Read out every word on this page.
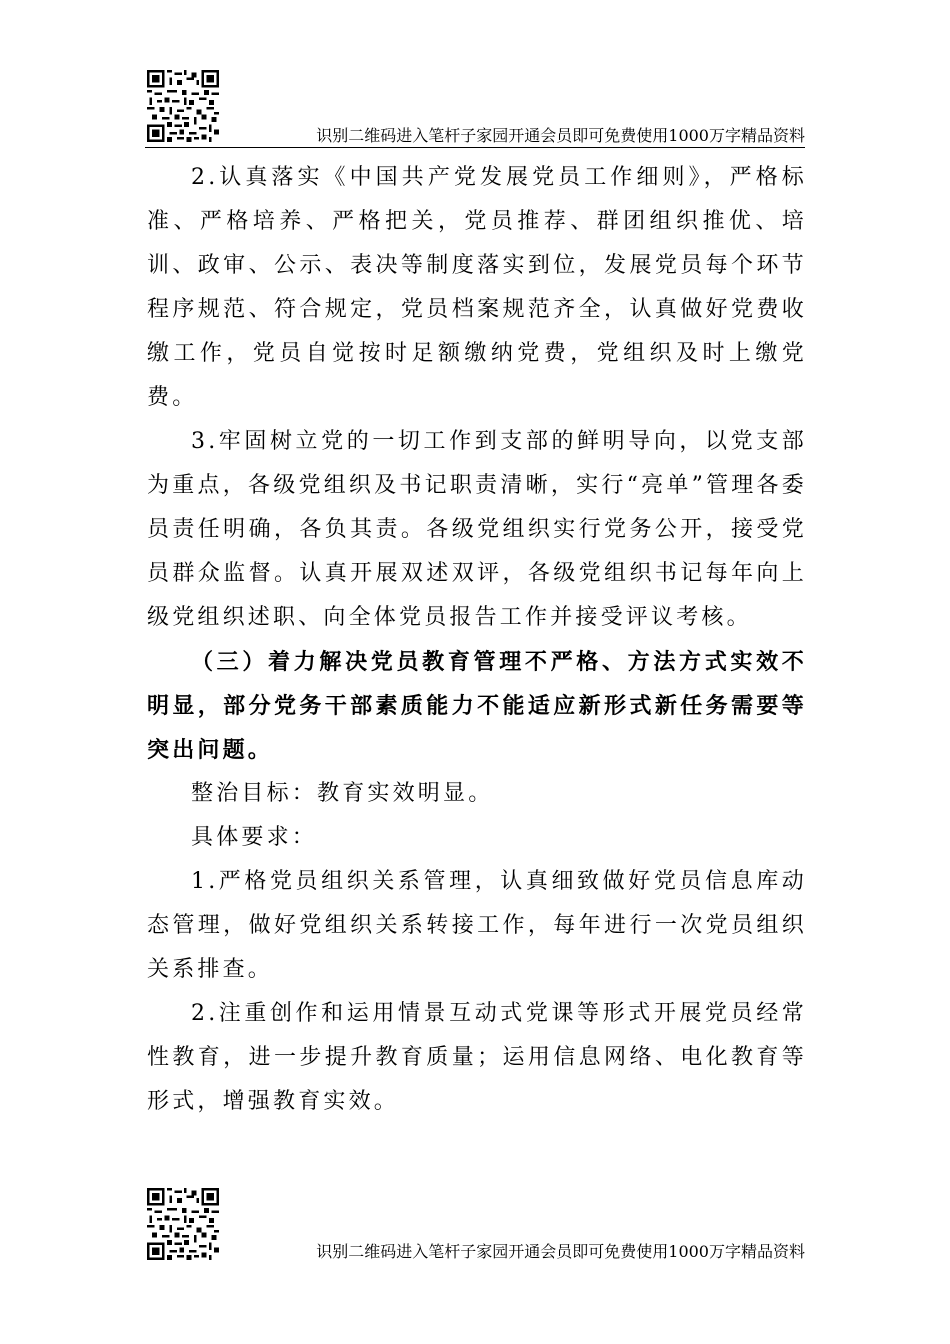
识别二维码进入笔杆子家园开通会员即可免费使用1000万字精品资料

2.认真落实《中国共产党发展党员工作细则》，严格标准、严格培养、严格把关，党员推荐、群团组织推优、培训、政审、公示、表决等制度落实到位，发展党员每个环节程序规范、符合规定，党员档案规范齐全，认真做好党费收缴工作，党员自觉按时足额缴纳党费，党组织及时上缴党费。

3.牢固树立党的一切工作到支部的鲜明导向，以党支部为重点，各级党组织及书记职责清晰，实行“亮单”管理各委员责任明确，各负其责。各级党组织实行党务公开，接受党员群众监督。认真开展双述双评，各级党组织书记每年向上级党组织述职、向全体党员报告工作并接受评议考核。

（三）着力解决党员教育管理不严格、方法方式实效不明显，部分党务干部素质能力不能适应新形式新任务需要等突出问题。

整治目标：教育实效明显。

具体要求：

1.严格党员组织关系管理，认真细致做好党员信息库动态管理，做好党组织关系转接工作，每年进行一次党员组织关系排查。

2.注重创作和运用情景互动式党课等形式开展党员经常性教育，进一步提升教育质量；运用信息网络、电化教育等形式，增强教育实效。

识别二维码进入笔杆子家园开通会员即可免费使用1000万字精品资料
